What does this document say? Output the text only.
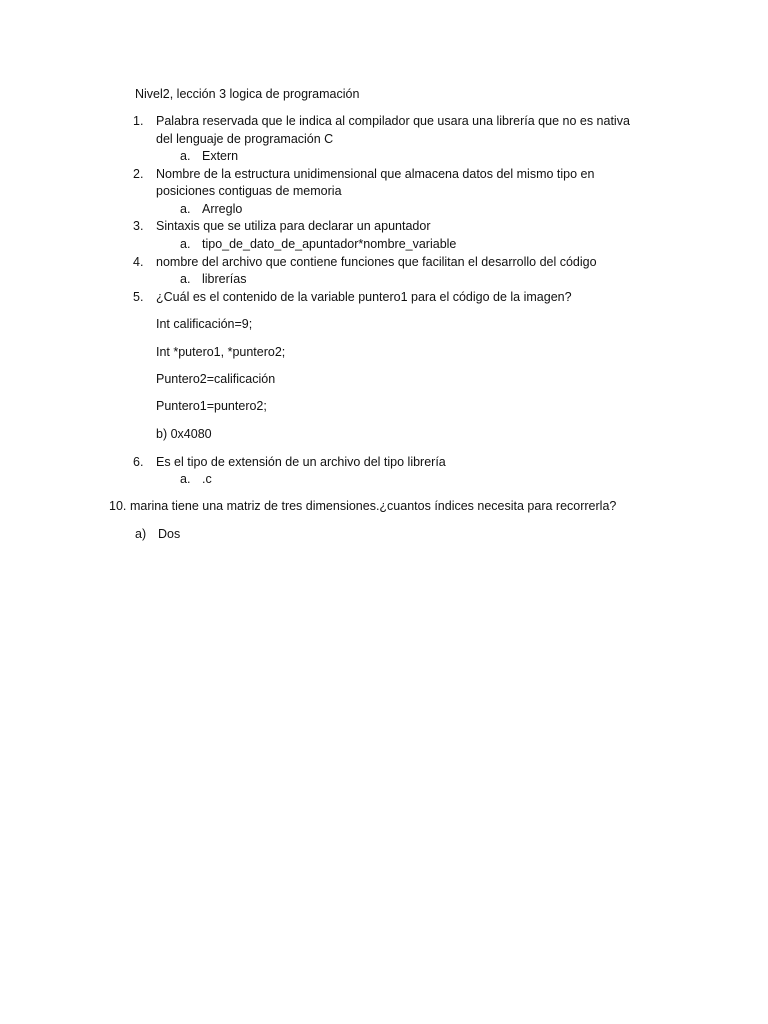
Nivel2, lección 3 logica de programación
1. Palabra reservada que le indica al compilador que usara una librería que no es nativa
del lenguaje de programación C
a. Extern
2. Nombre de la estructura unidimensional que almacena datos del mismo tipo en
posiciones contiguas de memoria
a. Arreglo
3. Sintaxis que se utiliza para declarar un apuntador
a. tipo_de_dato_de_apuntador*nombre_variable
4. nombre del archivo que contiene funciones que facilitan el desarrollo del código
a. librerías
5. ¿Cuál es el contenido de la variable puntero1 para el código de la imagen?
Int calificación=9;
Int *putero1, *puntero2;
Puntero2=calificación
Puntero1=puntero2;
b) 0x4080
6. Es el tipo de extensión de un archivo del tipo librería
a. .c
10. marina tiene una matriz de tres dimensiones.¿cuantos índices necesita para recorrerla?
a) Dos
